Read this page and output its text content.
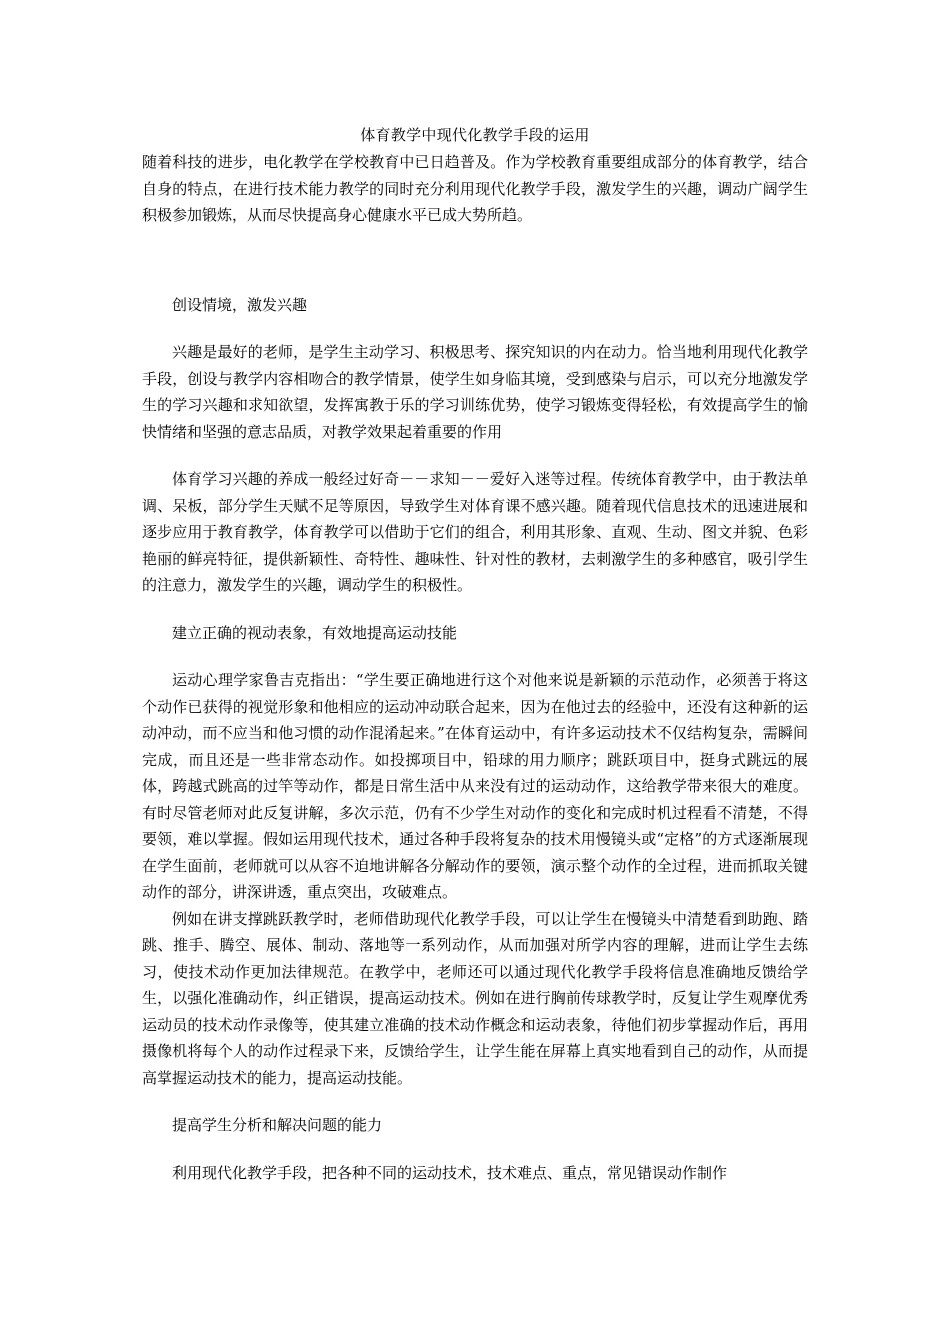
体育教学中现代化教学手段的运用

随着科技的进步，电化教学在学校教育中已日趋普及。作为学校教育重要组成部分的体育教学，结合自身的特点，在进行技术能力教学的同时充分利用现代化教学手段，激发学生的兴趣，调动广阔学生积极参加锻炼，从而尽快提高身心健康水平已成大势所趋。

创设情境，激发兴趣

兴趣是最好的老师，是学生主动学习、积极思考、探究知识的内在动力。恰当地利用现代化教学手段，创设与教学内容相吻合的教学情景，使学生如身临其境，受到感染与启示，可以充分地激发学生的学习兴趣和求知欲望，发挥寓教于乐的学习训练优势，使学习锻炼变得轻松，有效提高学生的愉快情绪和坚强的意志品质，对教学效果起着重要的作用

体育学习兴趣的养成一般经过好奇－－求知－－爱好入迷等过程。传统体育教学中，由于教法单调、呆板，部分学生天赋不足等原因，导致学生对体育课不感兴趣。随着现代信息技术的迅速进展和逐步应用于教育教学，体育教学可以借助于它们的组合，利用其形象、直观、生动、图文并貌、色彩艳丽的鲜亮特征，提供新颖性、奇特性、趣味性、针对性的教材，去刺激学生的多种感官，吸引学生的注意力，激发学生的兴趣，调动学生的积极性。

建立正确的视动表象，有效地提高运动技能

运动心理学家鲁吉克指出：“学生要正确地进行这个对他来说是新颖的示范动作，必须善于将这个动作已获得的视觉形象和他相应的运动冲动联合起来，因为在他过去的经验中，还没有这种新的运动冲动，而不应当和他习惯的动作混淆起来。”在体育运动中，有许多运动技术不仅结构复杂，需瞬间完成，而且还是一些非常态动作。如投掷项目中，铅球的用力顺序；跳跃项目中，挺身式跳远的展体，跨越式跳高的过竿等动作，都是日常生活中从来没有过的运动动作，这给教学带来很大的难度。有时尽管老师对此反复讲解，多次示范，仍有不少学生对动作的变化和完成时机过程看不清楚，不得要领，难以掌握。假如运用现代技术，通过各种手段将复杂的技术用慢镜头或“定格”的方式逐渐展现在学生面前，老师就可以从容不迫地讲解各分解动作的要领，演示整个动作的全过程，进而抓取关键动作的部分，讲深讲透，重点突出，攻破难点。

例如在讲支撑跳跃教学时，老师借助现代化教学手段，可以让学生在慢镜头中清楚看到助跑、踏跳、推手、腾空、展体、制动、落地等一系列动作，从而加强对所学内容的理解，进而让学生去练习，使技术动作更加法律规范。在教学中，老师还可以通过现代化教学手段将信息准确地反馈给学生，以强化准确动作，纠正错误，提高运动技术。例如在进行胸前传球教学时，反复让学生观摩优秀运动员的技术动作录像等，使其建立准确的技术动作概念和运动表象，待他们初步掌握动作后，再用摄像机将每个人的动作过程录下来，反馈给学生，让学生能在屏幕上真实地看到自己的动作，从而提高掌握运动技术的能力，提高运动技能。

提高学生分析和解决问题的能力

利用现代化教学手段，把各种不同的运动技术，技术难点、重点，常见错误动作制作
